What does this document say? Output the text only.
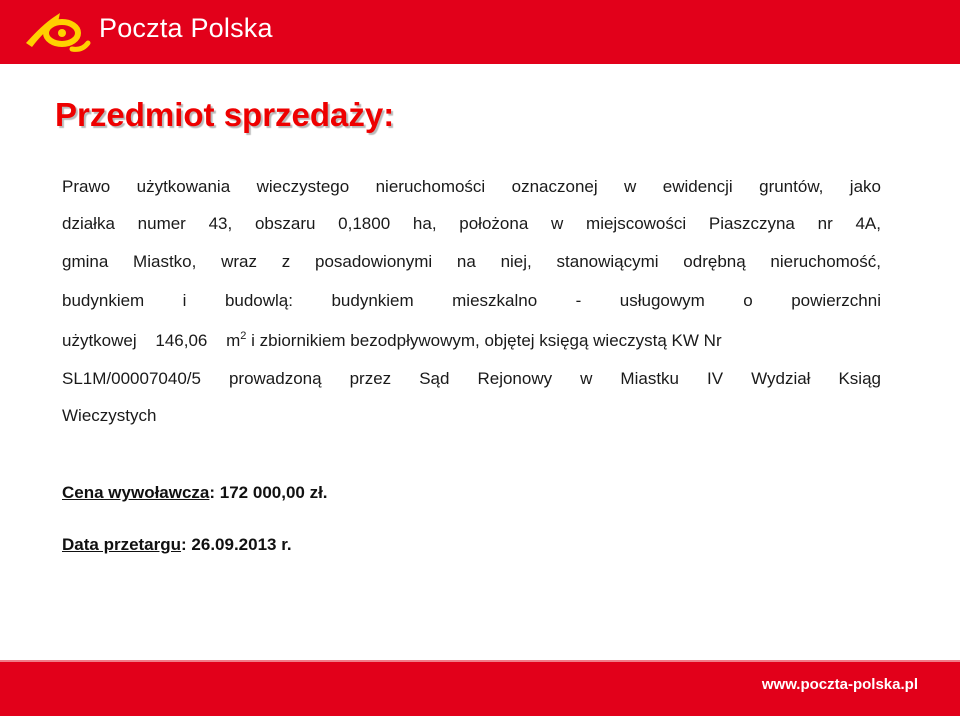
Poczta Polska
Przedmiot sprzedaży:
Prawo użytkowania wieczystego nieruchomości oznaczonej w ewidencji gruntów, jako
działka numer 43, obszaru 0,1800 ha, położona w miejscowości Piaszczyna nr 4A,
gmina Miastko, wraz z posadowionymi na niej, stanowiącymi odrębną nieruchomość,
budynkiem i budowlą: budynkiem mieszkalno - usługowym o powierzchni
użytkowej 146,06 $m^2$ i zbiornikiem bezodpływowym, objętej księgą wieczystą KW Nr
SL1M/00007040/5 prowadzoną przez Sąd Rejonowy w Miastku IV Wydział Ksiąg
Wieczystych
Cena wywoławcza: 172 000,00 zł.
Data przetargu: 26.09.2013 r.
www.poczta-polska.pl
